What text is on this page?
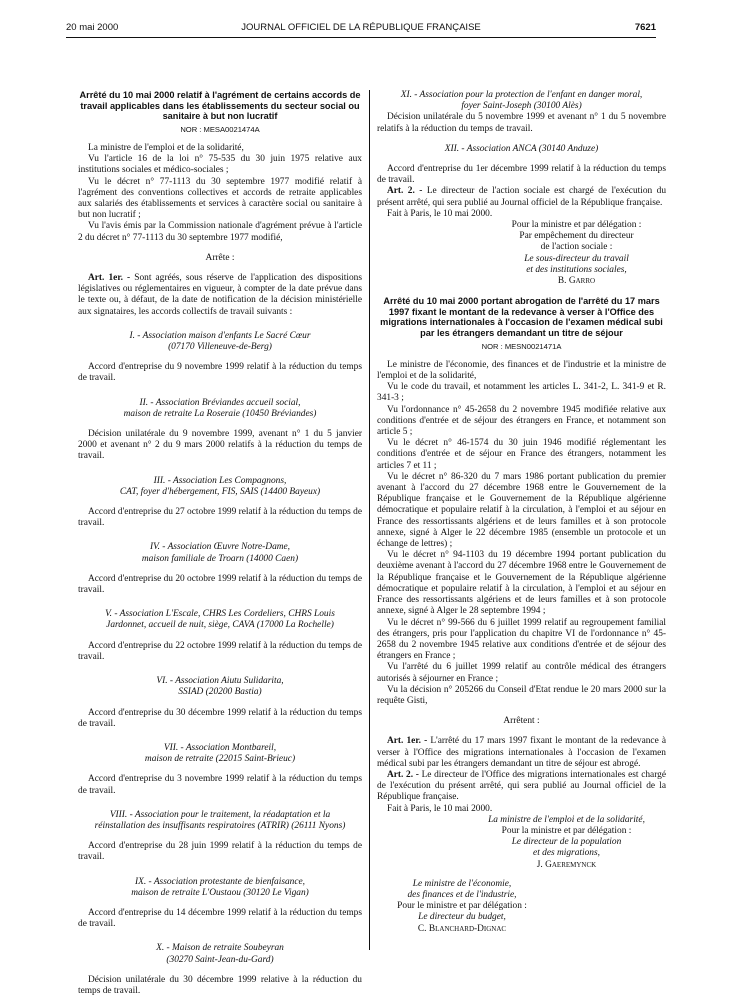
20 mai 2000	JOURNAL OFFICIEL DE LA RÉPUBLIQUE FRANÇAISE	7621
Arrêté du 10 mai 2000 relatif à l'agrément de certains accords de travail applicables dans les établissements du secteur social ou sanitaire à but non lucratif
NOR : MESA0021474A

La ministre de l'emploi et de la solidarité,

Vu l'article 16 de la loi n° 75-535 du 30 juin 1975 relative aux institutions sociales et médico-sociales ;

Vu le décret n° 77-1113 du 30 septembre 1977 modifié relatif à l'agrément des conventions collectives et accords de retraite applicables aux salariés des établissements et services à caractère social ou sanitaire à but non lucratif ;

Vu l'avis émis par la Commission nationale d'agrément prévue à l'article 2 du décret n° 77-1113 du 30 septembre 1977 modifié,

Arrête :

Art. 1er. - Sont agréés, sous réserve de l'application des dispositions législatives ou réglementaires en vigueur, à compter de la date prévue dans le texte ou, à défaut, de la date de notification de la décision ministérielle aux signataires, les accords collectifs de travail suivants :

I. - Association maison d'enfants Le Sacré Cœur

(07170 Villeneuve-de-Berg)

Accord d'entreprise du 9 novembre 1999 relatif à la réduction du temps de travail.

II. - Association Bréviandes accueil social,

maison de retraite La Roseraie (10450 Bréviandes)

Décision unilatérale du 9 novembre 1999, avenant n° 1 du 5 janvier 2000 et avenant n° 2 du 9 mars 2000 relatifs à la réduction du temps de travail.

III. - Association Les Compagnons,

CAT, foyer d'hébergement, FIS, SAIS (14400 Bayeux)

Accord d'entreprise du 27 octobre 1999 relatif à la réduction du temps de travail.

IV. - Association Œuvre Notre-Dame,

maison familiale de Troarn (14000 Caen)

Accord d'entreprise du 20 octobre 1999 relatif à la réduction du temps de travail.

V. - Association L'Escale, CHRS Les Cordeliers, CHRS Louis

Jardonnet, accueil de nuit, siège, CAVA (17000 La Rochelle)

Accord d'entreprise du 22 octobre 1999 relatif à la réduction du temps de travail.

VI. - Association Aiutu Sulidarita,

SSIAD (20200 Bastia)

Accord d'entreprise du 30 décembre 1999 relatif à la réduction du temps de travail.

VII. - Association Montbareil,

maison de retraite (22015 Saint-Brieuc)

Accord d'entreprise du 3 novembre 1999 relatif à la réduction du temps de travail.

VIII. - Association pour le traitement, la réadaptation et la

réinstallation des insuffisants respiratoires (ATRIR) (26111 Nyons)

Accord d'entreprise du 28 juin 1999 relatif à la réduction du temps de travail.

IX. - Association protestante de bienfaisance,

maison de retraite L'Oustaou (30120 Le Vigan)

Accord d'entreprise du 14 décembre 1999 relatif à la réduction du temps de travail.

X. - Maison de retraite Soubeyran

(30270 Saint-Jean-du-Gard)

Décision unilatérale du 30 décembre 1999 relative à la réduction du temps de travail.

XI. - Association pour la protection de l'enfant en danger moral,

foyer Saint-Joseph (30100 Alès)

Décision unilatérale du 5 novembre 1999 et avenant n° 1 du 5 novembre relatifs à la réduction du temps de travail.

XII. - Association ANCA (30140 Anduze)

Accord d'entreprise du 1er décembre 1999 relatif à la réduction du temps de travail.

Art. 2. - Le directeur de l'action sociale est chargé de l'exécution du présent arrêté, qui sera publié au Journal officiel de la République française.

Fait à Paris, le 10 mai 2000.

Pour la ministre et par délégation :

Par empêchement du directeur

de l'action sociale :

Le sous-directeur du travail

et des institutions sociales,

B. Garro

Arrêté du 10 mai 2000 portant abrogation de l'arrêté du 17 mars 1997 fixant le montant de la redevance à verser à l'Office des migrations internationales à l'occasion de l'examen médical subi par les étrangers demandant un titre de séjour
NOR : MESN0021471A

Le ministre de l'économie, des finances et de l'industrie et la ministre de l'emploi et de la solidarité,

Vu le code du travail, et notamment les articles L. 341-2, L. 341-9 et R. 341-3 ;

Vu l'ordonnance n° 45-2658 du 2 novembre 1945 modifiée relative aux conditions d'entrée et de séjour des étrangers en France, et notamment son article 5 ;

Vu le décret n° 46-1574 du 30 juin 1946 modifié réglementant les conditions d'entrée et de séjour en France des étrangers, notamment les articles 7 et 11 ;

Vu le décret n° 86-320 du 7 mars 1986 portant publication du premier avenant à l'accord du 27 décembre 1968 entre le Gouvernement de la République française et le Gouvernement de la République algérienne démocratique et populaire relatif à la circulation, à l'emploi et au séjour en France des ressortissants algériens et de leurs familles et à son protocole annexe, signé à Alger le 22 décembre 1985 (ensemble un protocole et un échange de lettres) ;

Vu le décret n° 94-1103 du 19 décembre 1994 portant publication du deuxième avenant à l'accord du 27 décembre 1968 entre le Gouvernement de la République française et le Gouvernement de la République algérienne démocratique et populaire relatif à la circulation, à l'emploi et au séjour en France des ressortissants algériens et de leurs familles et à son protocole annexe, signé à Alger le 28 septembre 1994 ;

Vu le décret n° 99-566 du 6 juillet 1999 relatif au regroupement familial des étrangers, pris pour l'application du chapitre VI de l'ordonnance n° 45-2658 du 2 novembre 1945 relative aux conditions d'entrée et de séjour des étrangers en France ;

Vu l'arrêté du 6 juillet 1999 relatif au contrôle médical des étrangers autorisés à séjourner en France ;

Vu la décision n° 205266 du Conseil d'Etat rendue le 20 mars 2000 sur la requête Gisti,

Arrêtent :

Art. 1er. - L'arrêté du 17 mars 1997 fixant le montant de la redevance à verser à l'Office des migrations internationales à l'occasion de l'examen médical subi par les étrangers demandant un titre de séjour est abrogé.

Art. 2. - Le directeur de l'Office des migrations internationales est chargé de l'exécution du présent arrêté, qui sera publié au Journal officiel de la République française.

Fait à Paris, le 10 mai 2000.

La ministre de l'emploi et de la solidarité,

Pour la ministre et par délégation :

Le directeur de la population

et des migrations,

J. Gaeremynck

Le ministre de l'économie,

des finances et de l'industrie,

Pour le ministre et par délégation :

Le directeur du budget,

C. Blanchard-Dignac
